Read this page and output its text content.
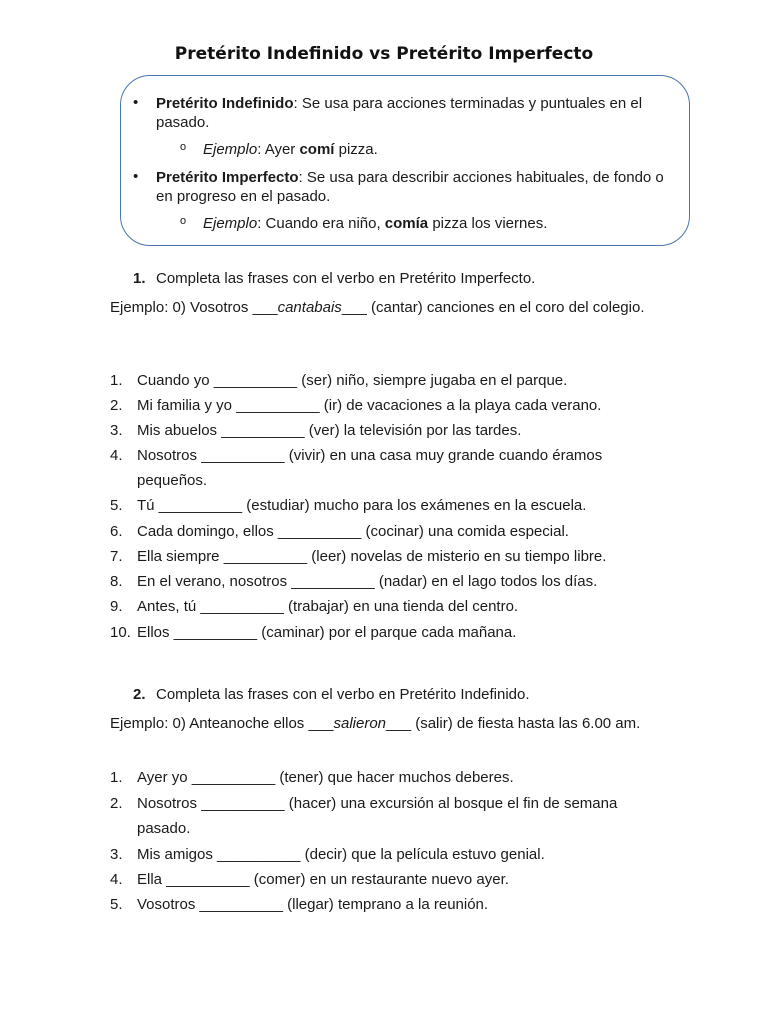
Pretérito Indefinido vs Pretérito Imperfecto
• Pretérito Indefinido: Se usa para acciones terminadas y puntuales en el pasado.
o Ejemplo: Ayer comí pizza.
• Pretérito Imperfecto: Se usa para describir acciones habituales, de fondo o en progreso en el pasado.
o Ejemplo: Cuando era niño, comía pizza los viernes.
1. Completa las frases con el verbo en Pretérito Imperfecto.
Ejemplo: 0) Vosotros ___cantabais___ (cantar) canciones en el coro del colegio.
1. Cuando yo __________ (ser) niño, siempre jugaba en el parque.
2. Mi familia y yo __________ (ir) de vacaciones a la playa cada verano.
3. Mis abuelos __________ (ver) la televisión por las tardes.
4. Nosotros __________ (vivir) en una casa muy grande cuando éramos pequeños.
5. Tú __________ (estudiar) mucho para los exámenes en la escuela.
6. Cada domingo, ellos __________ (cocinar) una comida especial.
7. Ella siempre __________ (leer) novelas de misterio en su tiempo libre.
8. En el verano, nosotros __________ (nadar) en el lago todos los días.
9. Antes, tú __________ (trabajar) en una tienda del centro.
10. Ellos __________ (caminar) por el parque cada mañana.
2. Completa las frases con el verbo en Pretérito Indefinido.
Ejemplo: 0) Anteanoche ellos ___salieron___ (salir) de fiesta hasta las 6.00 am.
1. Ayer yo __________ (tener) que hacer muchos deberes.
2. Nosotros __________ (hacer) una excursión al bosque el fin de semana pasado.
3. Mis amigos __________ (decir) que la película estuvo genial.
4. Ella __________ (comer) en un restaurante nuevo ayer.
5. Vosotros __________ (llegar) temprano a la reunión.
